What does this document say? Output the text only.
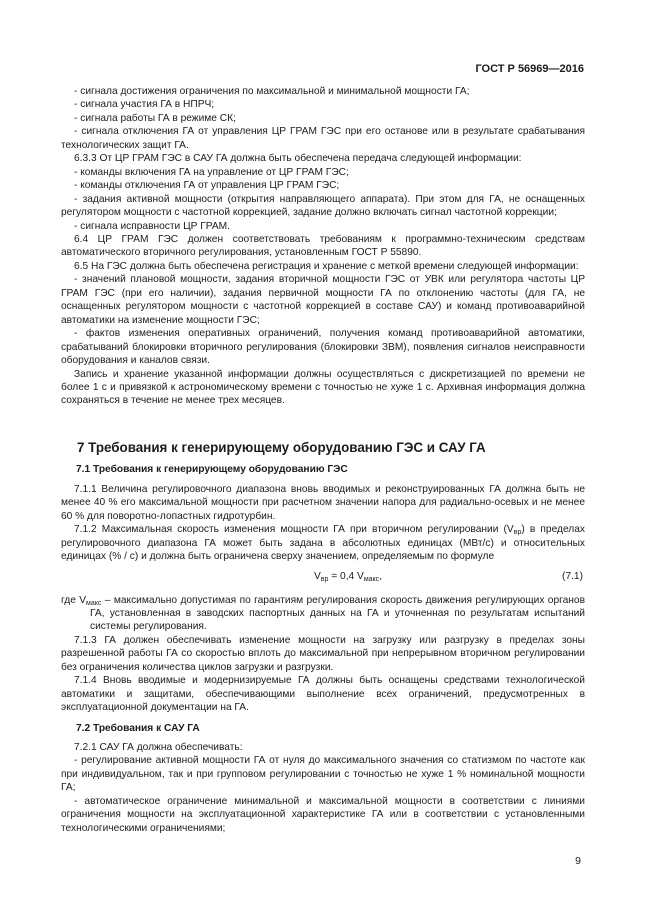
ГОСТ Р 56969—2016

- сигнала достижения ограничения по максимальной и минимальной мощности ГА;

- сигнала участия ГА в НПРЧ;

- сигнала работы ГА в режиме СК;

- сигнала отключения ГА от управления ЦР ГРАМ ГЭС при его останове или в результате срабатывания технологических защит ГА.

6.3.3 От ЦР ГРАМ ГЭС в САУ ГА должна быть обеспечена передача следующей информации:

- команды включения ГА на управление от ЦР ГРАМ ГЭС;

- команды отключения ГА от управления ЦР ГРАМ ГЭС;

- задания активной мощности (открытия направляющего аппарата). При этом для ГА, не оснащенных регулятором мощности с частотной коррекцией, задание должно включать сигнал частотной коррекции;

- сигнала исправности ЦР ГРАМ.

6.4 ЦР ГРАМ ГЭС должен соответствовать требованиям к программно-техническим средствам автоматического вторичного регулирования, установленным ГОСТ Р 55890.

6.5 На ГЭС должна быть обеспечена регистрация и хранение с меткой времени следующей информации:

- значений плановой мощности, задания вторичной мощности ГЭС от УВК или регулятора частоты ЦР ГРАМ ГЭС (при его наличии), задания первичной мощности ГА по отклонению частоты (для ГА, не оснащенных регулятором мощности с частотной коррекцией в составе САУ) и команд противоаварийной автоматики на изменение мощности ГЭС;

- фактов изменения оперативных ограничений, получения команд противоаварийной автоматики, срабатываний блокировки вторичного регулирования (блокировки ЗВМ), появления сигналов неисправности оборудования и каналов связи.

Запись и хранение указанной информации должны осуществляться с дискретизацией по времени не более 1 с и привязкой к астрономическому времени с точностью не хуже 1 с. Архивная информация должна сохраняться в течение не менее трех месяцев.

7 Требования к генерирующему оборудованию ГЭС и САУ ГА
7.1 Требования к генерирующему оборудованию ГЭС

7.1.1 Величина регулировочного диапазона вновь вводимых и реконструированных ГА должна быть не менее 40 % его максимальной мощности при расчетном значении напора для радиально-осевых и не менее 60 % для поворотно-лопастных гидротурбин.

7.1.2 Максимальная скорость изменения мощности ГА при вторичном регулировании $(V_{вр})$ в пределах регулировочного диапазона ГА может быть задана в абсолютных единицах (МВт/с) и относительных единицах (% / с) и должна быть ограничена сверху значением, определяемым по формуле

$V_{вр} = 0,4$ $V_{макс}$,	(7.1)

где $V_{макс}$ – максимально допустимая по гарантиям регулирования скорость движения регулирующих органов ГА, установленная в заводских паспортных данных на ГА и уточненная по результатам испытаний системы регулирования.

7.1.3 ГА должен обеспечивать изменение мощности на загрузку или разгрузку в пределах зоны разрешенной работы ГА со скоростью вплоть до максимальной при непрерывном вторичном регулировании без ограничения количества циклов загрузки и разгрузки.

7.1.4 Вновь вводимые и модернизируемые ГА должны быть оснащены средствами технологической автоматики и защитами, обеспечивающими выполнение всех ограничений, предусмотренных в эксплуатационной документации на ГА.

7.2 Требования к САУ ГА

7.2.1 САУ ГА должна обеспечивать:

- регулирование активной мощности ГА от нуля до максимального значения со статизмом по частоте как при индивидуальном, так и при групповом регулировании с точностью не хуже 1 % номинальной мощности ГА;

- автоматическое ограничение минимальной и максимальной мощности в соответствии с линиями ограничения мощности на эксплуатационной характеристике ГА или в соответствии с установленными технологическими ограничениями;

9
